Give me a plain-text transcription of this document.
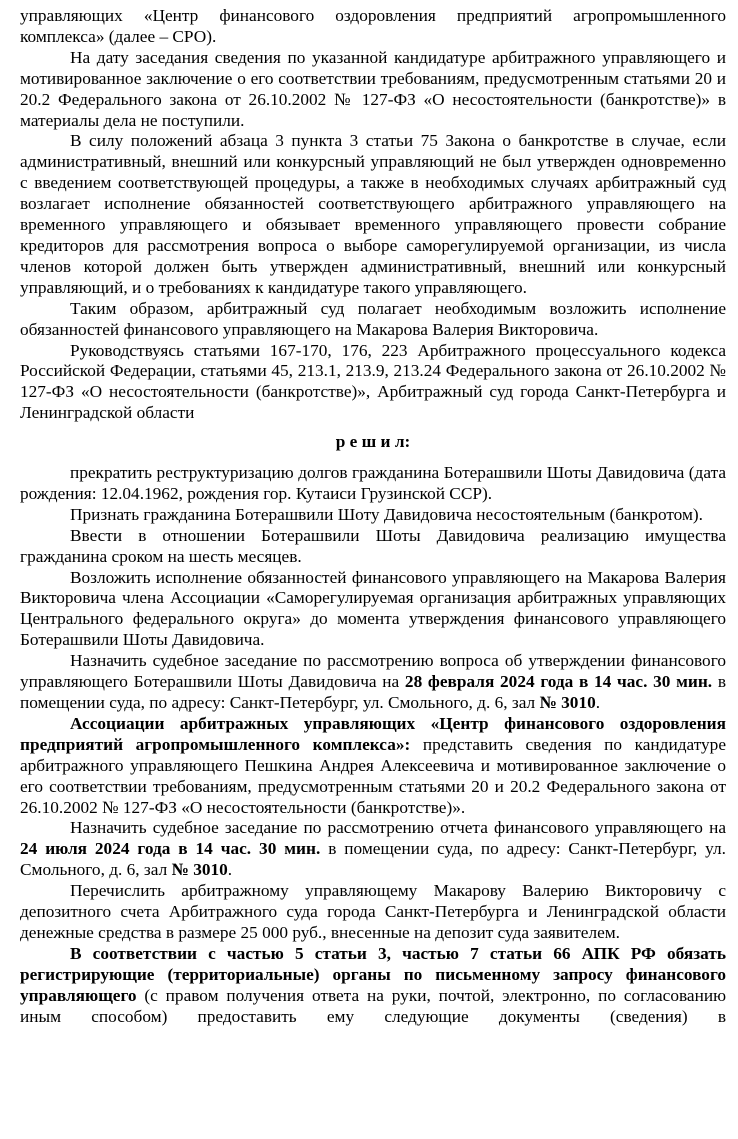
управляющих «Центр финансового оздоровления предприятий агропромышленного комплекса» (далее – СРО).

На дату заседания сведения по указанной кандидатуре арбитражного управляющего и мотивированное заключение о его соответствии требованиям, предусмотренным статьями 20 и 20.2 Федерального закона от 26.10.2002 № 127-ФЗ «О несостоятельности (банкротстве)» в материалы дела не поступили.

В силу положений абзаца 3 пункта 3 статьи 75 Закона о банкротстве в случае, если административный, внешний или конкурсный управляющий не был утвержден одновременно с введением соответствующей процедуры, а также в необходимых случаях арбитражный суд возлагает исполнение обязанностей соответствующего арбитражного управляющего на временного управляющего и обязывает временного управляющего провести собрание кредиторов для рассмотрения вопроса о выборе саморегулируемой организации, из числа членов которой должен быть утвержден административный, внешний или конкурсный управляющий, и о требованиях к кандидатуре такого управляющего.

Таким образом, арбитражный суд полагает необходимым возложить исполнение обязанностей финансового управляющего на Макарова Валерия Викторовича.

Руководствуясь статьями 167-170, 176, 223 Арбитражного процессуального кодекса Российской Федерации, статьями 45, 213.1, 213.9, 213.24 Федерального закона от 26.10.2002 № 127-ФЗ «О несостоятельности (банкротстве)», Арбитражный суд города Санкт-Петербурга и Ленинградской области

р е ш и л:

прекратить реструктуризацию долгов гражданина Ботерашвили Шоты Давидовича (дата рождения: 12.04.1962, рождения гор. Кутаиси Грузинской ССР).

Признать гражданина Ботерашвили Шоту Давидовича несостоятельным (банкротом).

Ввести в отношении Ботерашвили Шоты Давидовича реализацию имущества гражданина сроком на шесть месяцев.

Возложить исполнение обязанностей финансового управляющего на Макарова Валерия Викторовича члена Ассоциации «Саморегулируемая организация арбитражных управляющих Центрального федерального округа» до момента утверждения финансового управляющего Ботерашвили Шоты Давидовича.

Назначить судебное заседание по рассмотрению вопроса об утверждении финансового управляющего Ботерашвили Шоты Давидовича на 28 февраля 2024 года в 14 час. 30 мин. в помещении суда, по адресу: Санкт-Петербург, ул. Смольного, д. 6, зал № 3010.

Ассоциации арбитражных управляющих «Центр финансового оздоровления предприятий агропромышленного комплекса»: представить сведения по кандидатуре арбитражного управляющего Пешкина Андрея Алексеевича и мотивированное заключение о его соответствии требованиям, предусмотренным статьями 20 и 20.2 Федерального закона от 26.10.2002 № 127-ФЗ «О несостоятельности (банкротстве)».

Назначить судебное заседание по рассмотрению отчета финансового управляющего на 24 июля 2024 года в 14 час. 30 мин. в помещении суда, по адресу: Санкт-Петербург, ул. Смольного, д. 6, зал № 3010.

Перечислить арбитражному управляющему Макарову Валерию Викторовичу с депозитного счета Арбитражного суда города Санкт-Петербурга и Ленинградской области денежные средства в размере 25 000 руб., внесенные на депозит суда заявителем.

В соответствии с частью 5 статьи 3, частью 7 статьи 66 АПК РФ обязать регистрирующие (территориальные) органы по письменному запросу финансового управляющего (с правом получения ответа на руки, почтой, электронно, по согласованию иным способом) предоставить ему следующие документы (сведения) в
